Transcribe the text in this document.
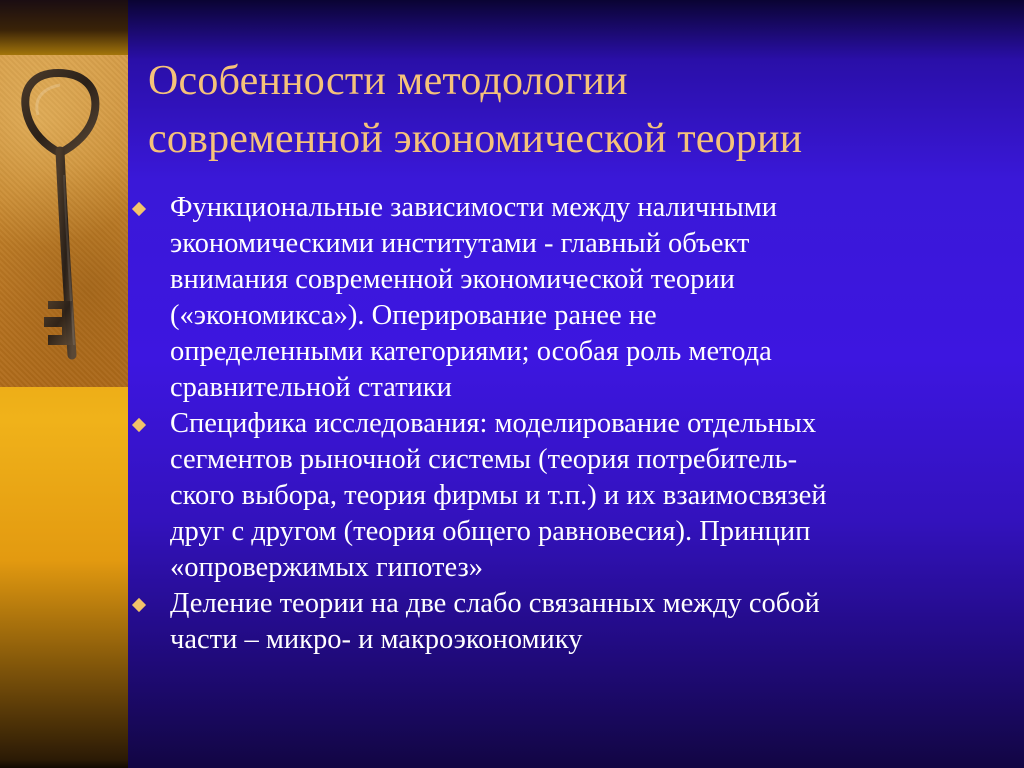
Особенности методологии
современной экономической теории
Функциональные зависимости между наличными
экономическими институтами - главный объект
внимания современной экономической теории
(«экономикса»). Оперирование ранее не
определенными категориями; особая роль метода
сравнительной статики
Специфика исследования: моделирование отдельных
сегментов рыночной системы (теория потребитель-
ского выбора, теория фирмы и т.п.) и их взаимосвязей
друг с другом (теория общего равновесия). Принцип
«опровержимых гипотез»
Деление теории на две слабо связанных между собой
части – микро- и макроэкономику
